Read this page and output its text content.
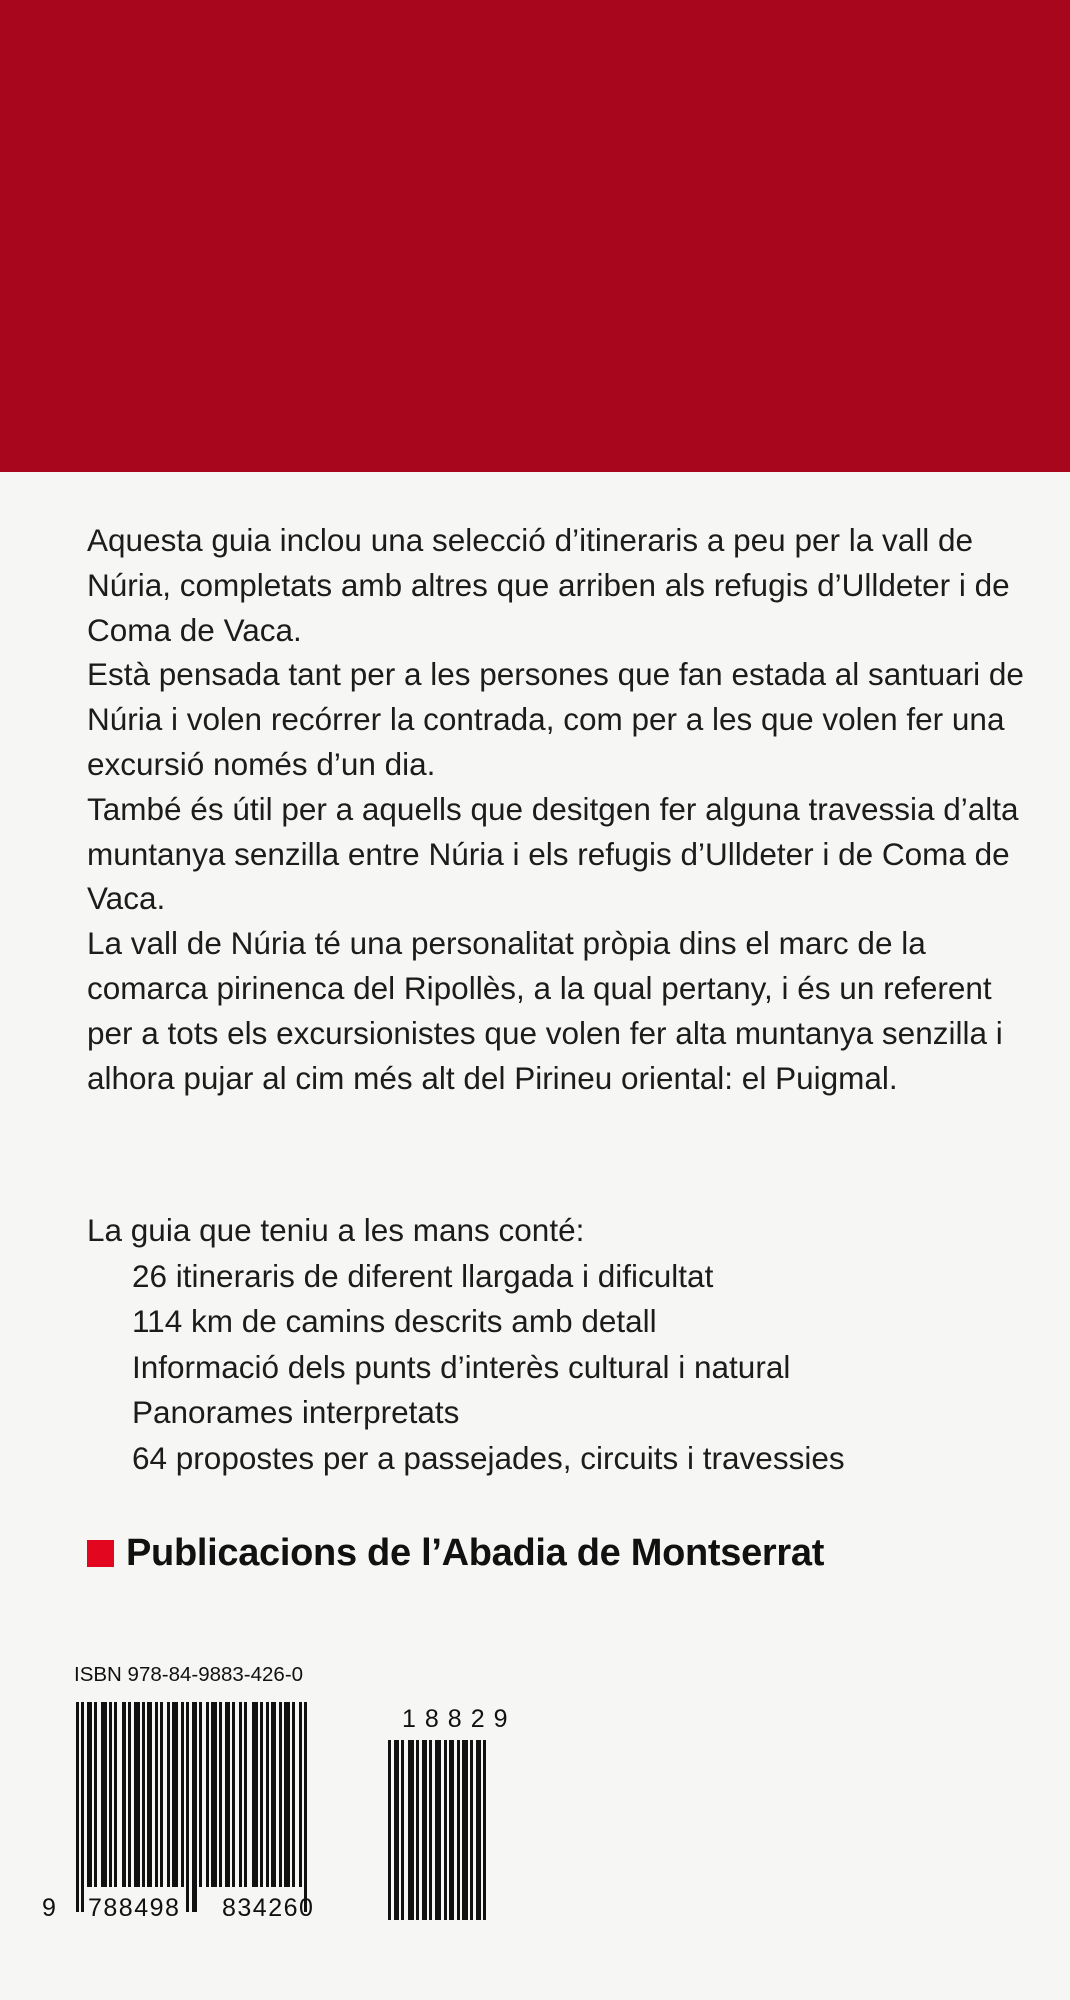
Aquesta guia inclou una selecció d’itineraris a peu per la vall de Núria, completats amb altres que arriben als refugis d’Ulldeter i de Coma de Vaca.

Està pensada tant per a les persones que fan estada al santuari de Núria i volen recórrer la contrada, com per a les que volen fer una excursió només d’un dia.

També és útil per a aquells que desitgen fer alguna travessia d’alta muntanya senzilla entre Núria i els refugis d’Ulldeter i de Coma de Vaca.

La vall de Núria té una personalitat pròpia dins el marc de la comarca pirinenca del Ripollès, a la qual pertany, i és un referent per a tots els excursionistes que volen fer alta muntanya senzilla i alhora pujar al cim més alt del Pirineu oriental: el Puigmal.

La guia que teniu a les mans conté:
26 itineraris de diferent llargada i dificultat
114 km de camins descrits amb detall
Informació dels punts d’interès cultural i natural
Panorames interpretats
64 propostes per a passejades, circuits i travessies
Publicacions de l’Abadia de Montserrat
ISBN 978-84-9883-426-0
18829
9 788498 834260
